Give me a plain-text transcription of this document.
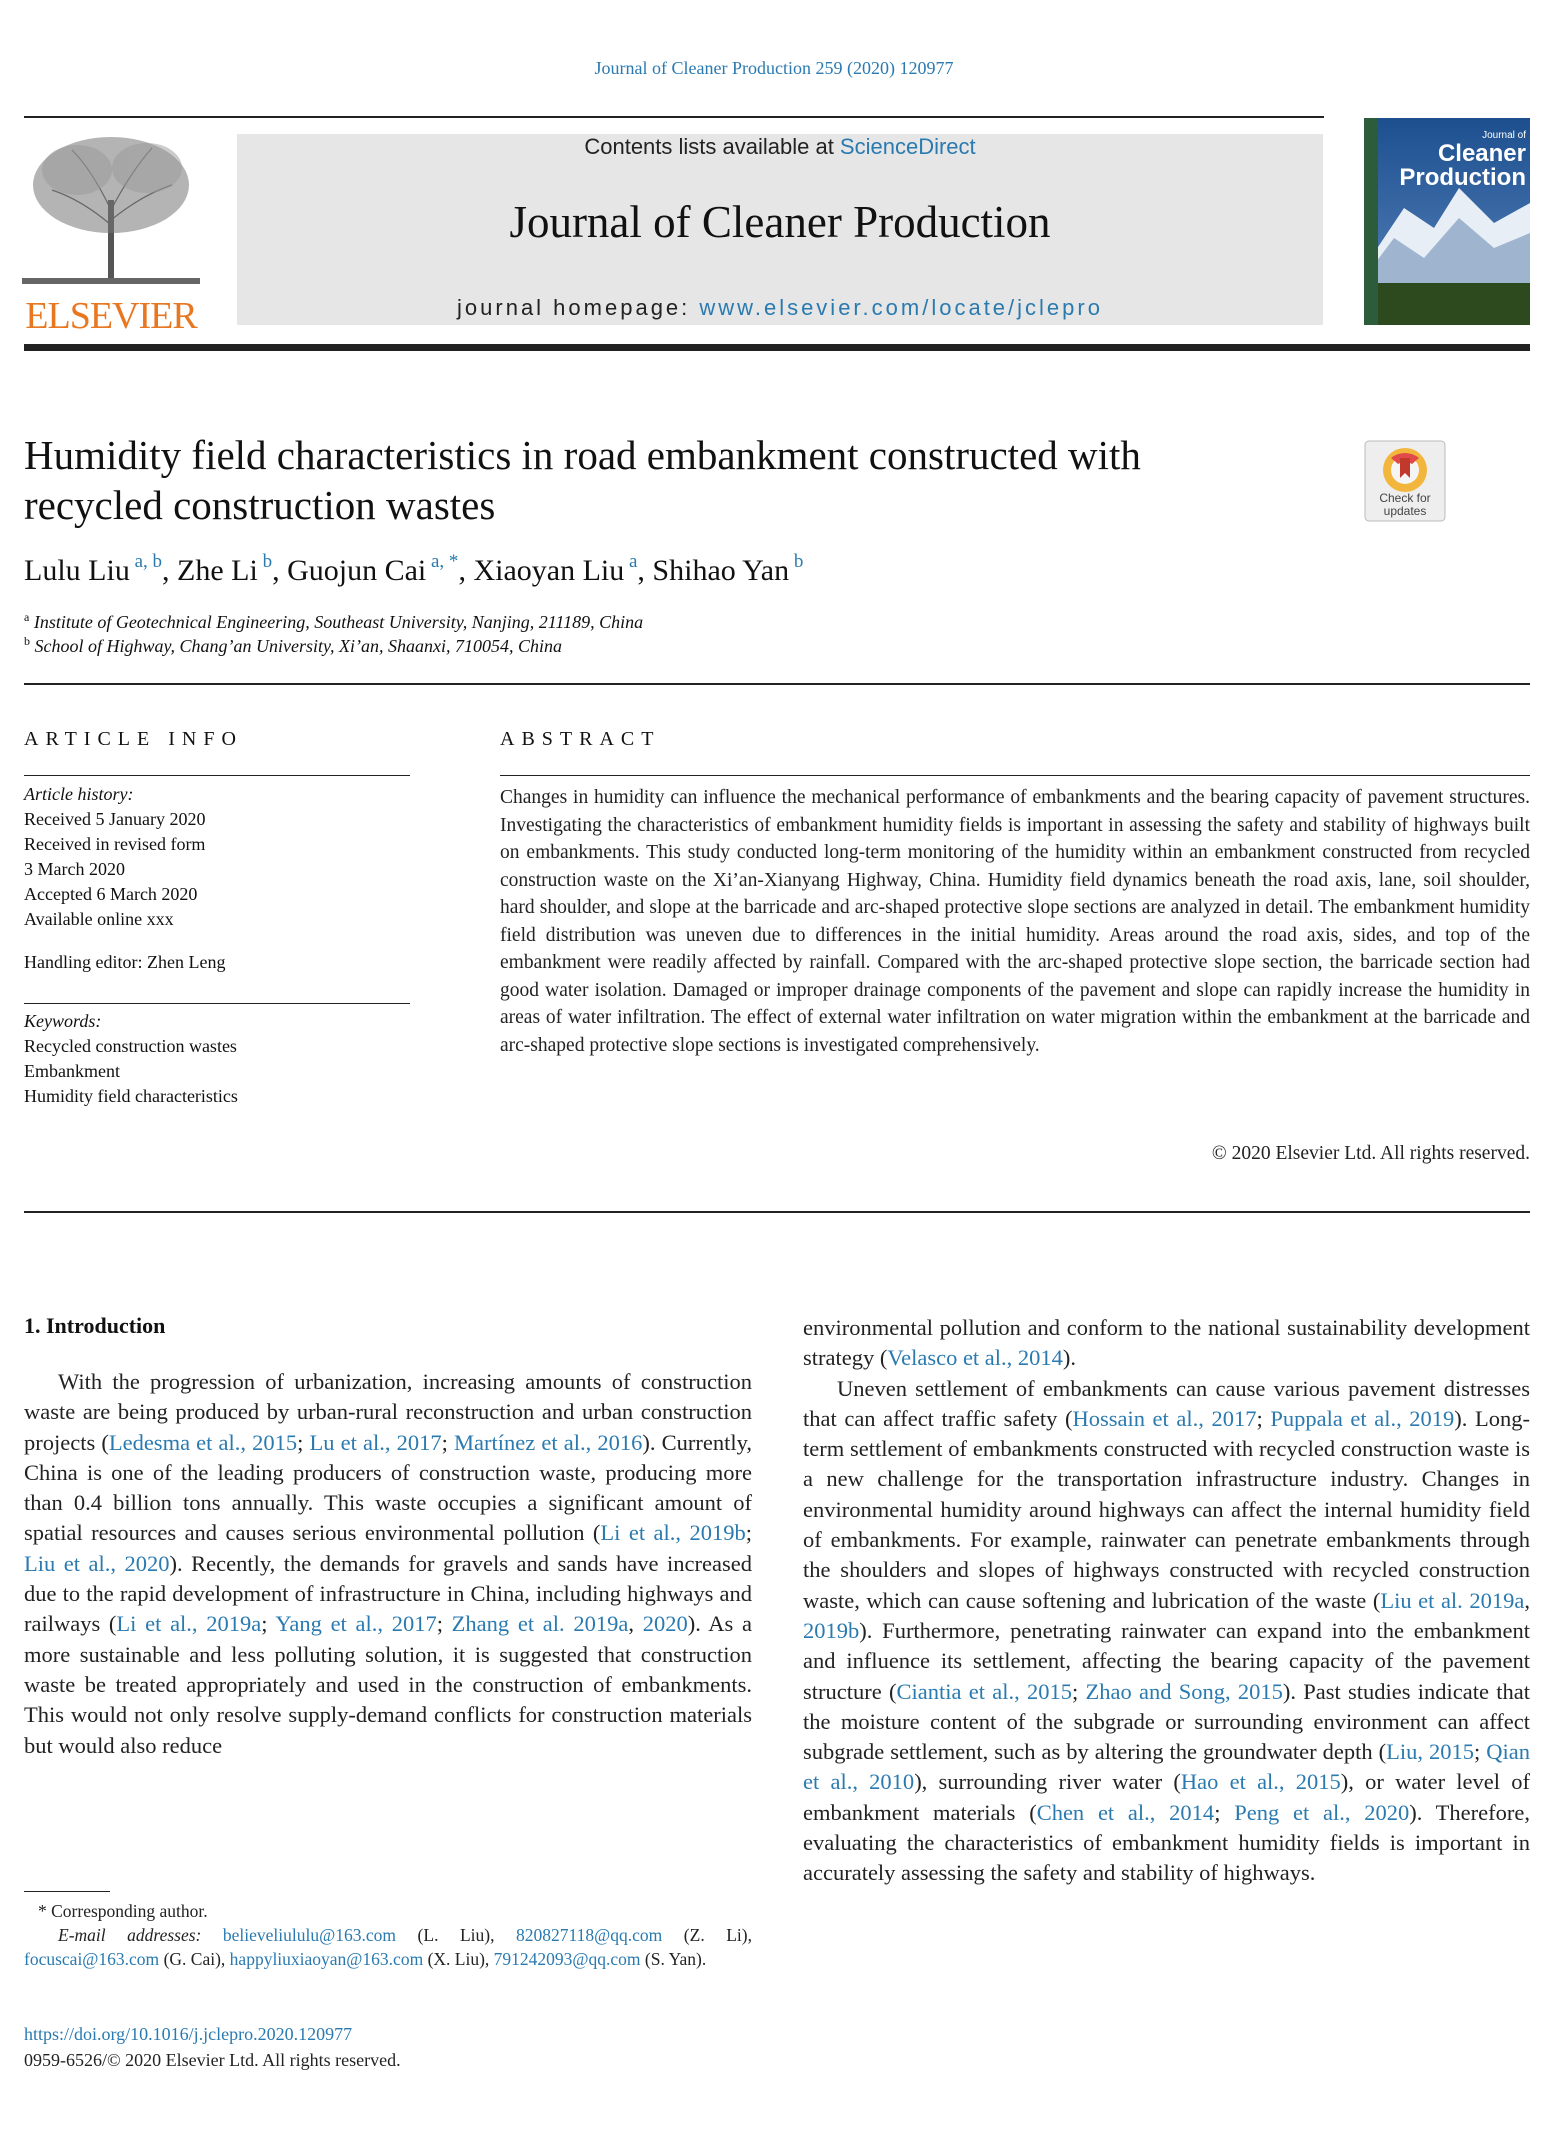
Journal of Cleaner Production 259 (2020) 120977
ELSEVIER
Contents lists available at ScienceDirect
Journal of Cleaner Production
journal homepage: www.elsevier.com/locate/jclepro
Journal of
Cleaner
Production
Humidity field characteristics in road embankment constructed with
recycled construction wastes	Check for
updates
Lulu Liu $^{a, b}$, Zhe Li $^b$, Guojun Cai $^{a, *}$, Xiaoyan Liu $^a$, Shihao Yan $^b$
$^a$ Institute of Geotechnical Engineering, Southeast University, Nanjing, 211189, China
$^b$ School of Highway, Chang’an University, Xi’an, Shaanxi, 710054, China
ARTICLE INFO
Article history:
Received 5 January 2020
Received in revised form
3 March 2020
Accepted 6 March 2020
Available online xxx
Handling editor: Zhen Leng
Keywords:
Recycled construction wastes
Embankment
Humidity field characteristics
ABSTRACT
Changes in humidity can influence the mechanical performance of embankments and the bearing capacity of pavement structures. Investigating the characteristics of embankment humidity fields is important in assessing the safety and stability of highways built on embankments. This study conducted long-term monitoring of the humidity within an embankment constructed from recycled construction waste on the Xi’an-Xianyang Highway, China. Humidity field dynamics beneath the road axis, lane, soil shoulder, hard shoulder, and slope at the barricade and arc-shaped protective slope sections are analyzed in detail. The embankment humidity field distribution was uneven due to differences in the initial humidity. Areas around the road axis, sides, and top of the embankment were readily affected by rainfall. Compared with the arc-shaped protective slope section, the barricade section had good water isolation. Damaged or improper drainage components of the pavement and slope can rapidly increase the humidity in areas of water infiltration. The effect of external water infiltration on water migration within the embankment at the barricade and arc-shaped protective slope sections is investigated comprehensively.
© 2020 Elsevier Ltd. All rights reserved.
1. Introduction

With the progression of urbanization, increasing amounts of construction waste are being produced by urban-rural reconstruction and urban construction projects (Ledesma et al., 2015; Lu et al., 2017; Martínez et al., 2016). Currently, China is one of the leading producers of construction waste, producing more than 0.4 billion tons annually. This waste occupies a significant amount of spatial resources and causes serious environmental pollution (Li et al., 2019b; Liu et al., 2020). Recently, the demands for gravels and sands have increased due to the rapid development of infrastructure in China, including highways and railways (Li et al., 2019a; Yang et al., 2017; Zhang et al. 2019a, 2020). As a more sustainable and less polluting solution, it is suggested that construction waste be treated appropriately and used in the construction of embankments. This would not only resolve supply-demand conflicts for construction materials but would also reduce

environmental pollution and conform to the national sustainability development strategy (Velasco et al., 2014).

Uneven settlement of embankments can cause various pavement distresses that can affect traffic safety (Hossain et al., 2017; Puppala et al., 2019). Long-term settlement of embankments constructed with recycled construction waste is a new challenge for the transportation infrastructure industry. Changes in environmental humidity around highways can affect the internal humidity field of embankments. For example, rainwater can penetrate embankments through the shoulders and slopes of highways constructed with recycled construction waste, which can cause softening and lubrication of the waste (Liu et al. 2019a, 2019b). Furthermore, penetrating rainwater can expand into the embankment and influence its settlement, affecting the bearing capacity of the pavement structure (Ciantia et al., 2015; Zhao and Song, 2015). Past studies indicate that the moisture content of the subgrade or surrounding environment can affect subgrade settlement, such as by altering the groundwater depth (Liu, 2015; Qian et al., 2010), surrounding river water (Hao et al., 2015), or water level of embankment materials (Chen et al., 2014; Peng et al., 2020). Therefore, evaluating the characteristics of embankment humidity fields is important in accurately assessing the safety and stability of highways.

* Corresponding author.
E-mail addresses: believeliululu@163.com (L. Liu), 820827118@qq.com (Z. Li), focuscai@163.com (G. Cai), happyliuxiaoyan@163.com (X. Liu), 791242093@qq.com (S. Yan).
https://doi.org/10.1016/j.jclepro.2020.120977
0959-6526/© 2020 Elsevier Ltd. All rights reserved.
